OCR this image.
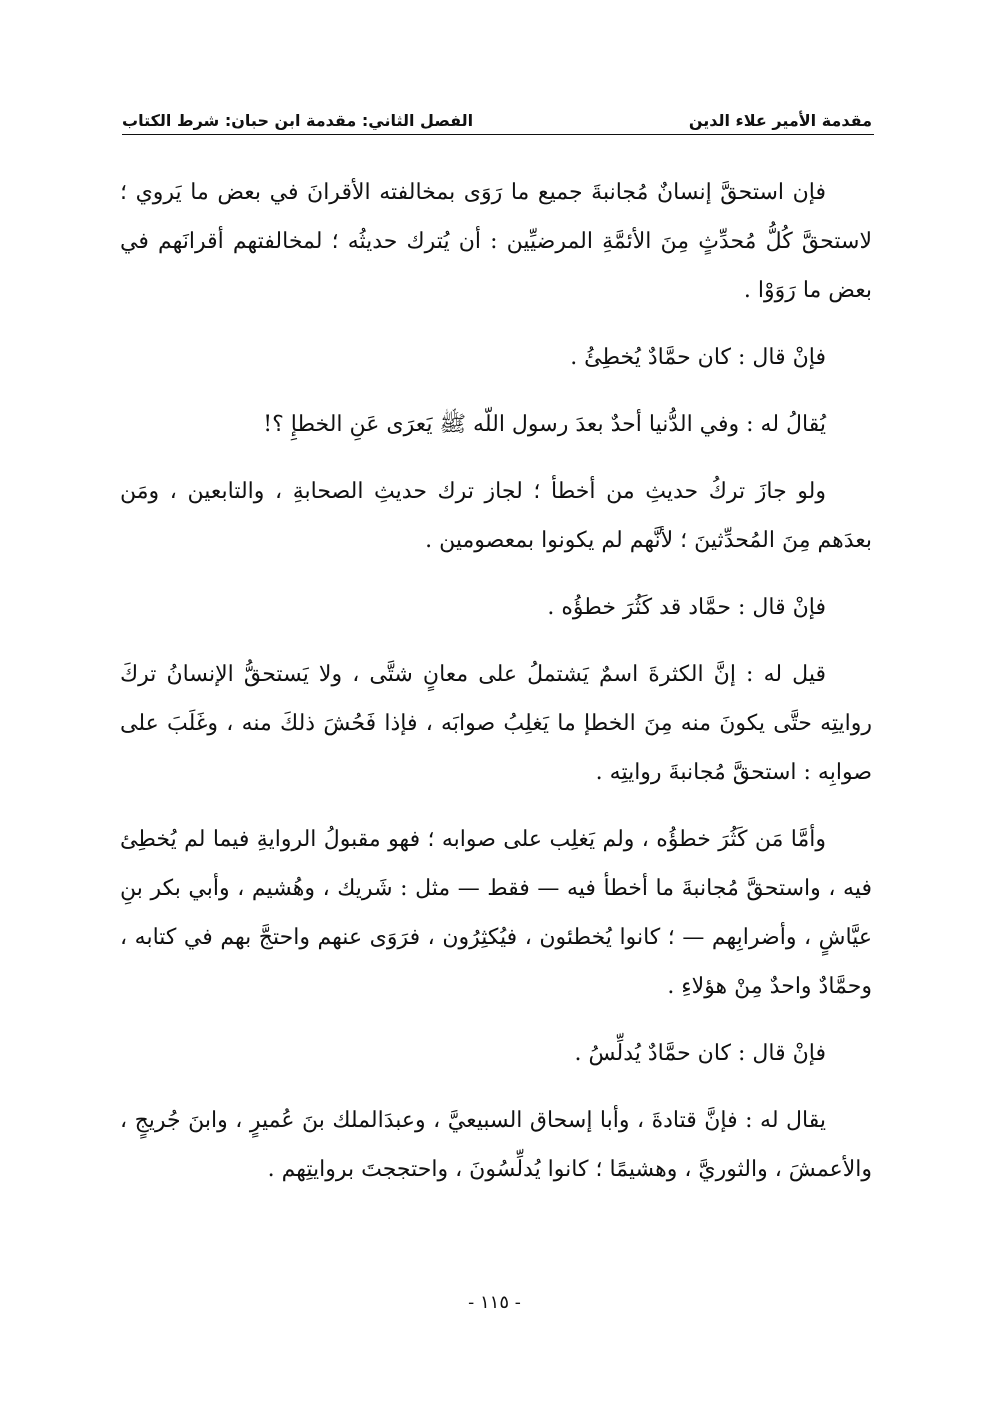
الفصل الثاني: مقدمة ابن حبان: شرط الكتاب	مقدمة الأمير علاء الدين

فإن استحقَّ إنسانٌ مُجانبةَ جميع ما رَوَى بمخالفته الأقرانَ في بعض ما يَروي ؛ لاستحقَّ كُلُّ مُحدِّثٍ مِنَ الأئمَّةِ المرضيِّين : أن يُترك حديثُه ؛ لمخالفتهم أقرانَهم في بعض ما رَوَوْا .

فإنْ قال : كان حمَّادٌ يُخطِئُ .

يُقالُ له : وفي الدُّنيا أحدٌ بعدَ رسول اللّه ﷺ يَعرَى عَنِ الخطإِ ؟!

ولو جازَ تركُ حديثِ من أخطأ ؛ لجاز ترك حديثِ الصحابةِ ، والتابعين ، ومَن بعدَهم مِنَ المُحدِّثينَ ؛ لأنَّهم لم يكونوا بمعصومين .

فإنْ قال : حمَّاد قد كَثُرَ خطؤُه .

قيل له : إنَّ الكثرةَ اسمٌ يَشتملُ على معانٍ شتَّى ، ولا يَستحقُّ الإنسانُ تركَ روايتِه حتَّى يكونَ منه مِنَ الخطإ ما يَغلِبُ صوابَه ، فإذا فَحُشَ ذلكَ منه ، وغَلَبَ على صوابِه : استحقَّ مُجانبةَ روايتِه .

وأمَّا مَن كَثُرَ خطؤُه ، ولم يَغلِب على صوابه ؛ فهو مقبولُ الروايةِ فيما لم يُخطِئ فيه ، واستحقَّ مُجانبةَ ما أخطأ فيه — فقط — مثل : شَريك ، وهُشيم ، وأبي بكر بنِ عيَّاشٍ ، وأضرابِهم — ؛ كانوا يُخطئون ، فيُكثِرُون ، فرَوَى عنهم واحتجَّ بهم في كتابه ، وحمَّادٌ واحدٌ مِنْ هؤلاءِ .

فإنْ قال : كان حمَّادٌ يُدلِّسُ .

يقال له : فإنَّ قتادةَ ، وأبا إسحاق السبيعيَّ ، وعبدَالملك بنَ عُميرٍ ، وابنَ جُريجٍ ، والأعمشَ ، والثوريَّ ، وهشيمًا ؛ كانوا يُدلِّسُونَ ، واحتججتَ بروايتِهم .

- ١١٥ -
